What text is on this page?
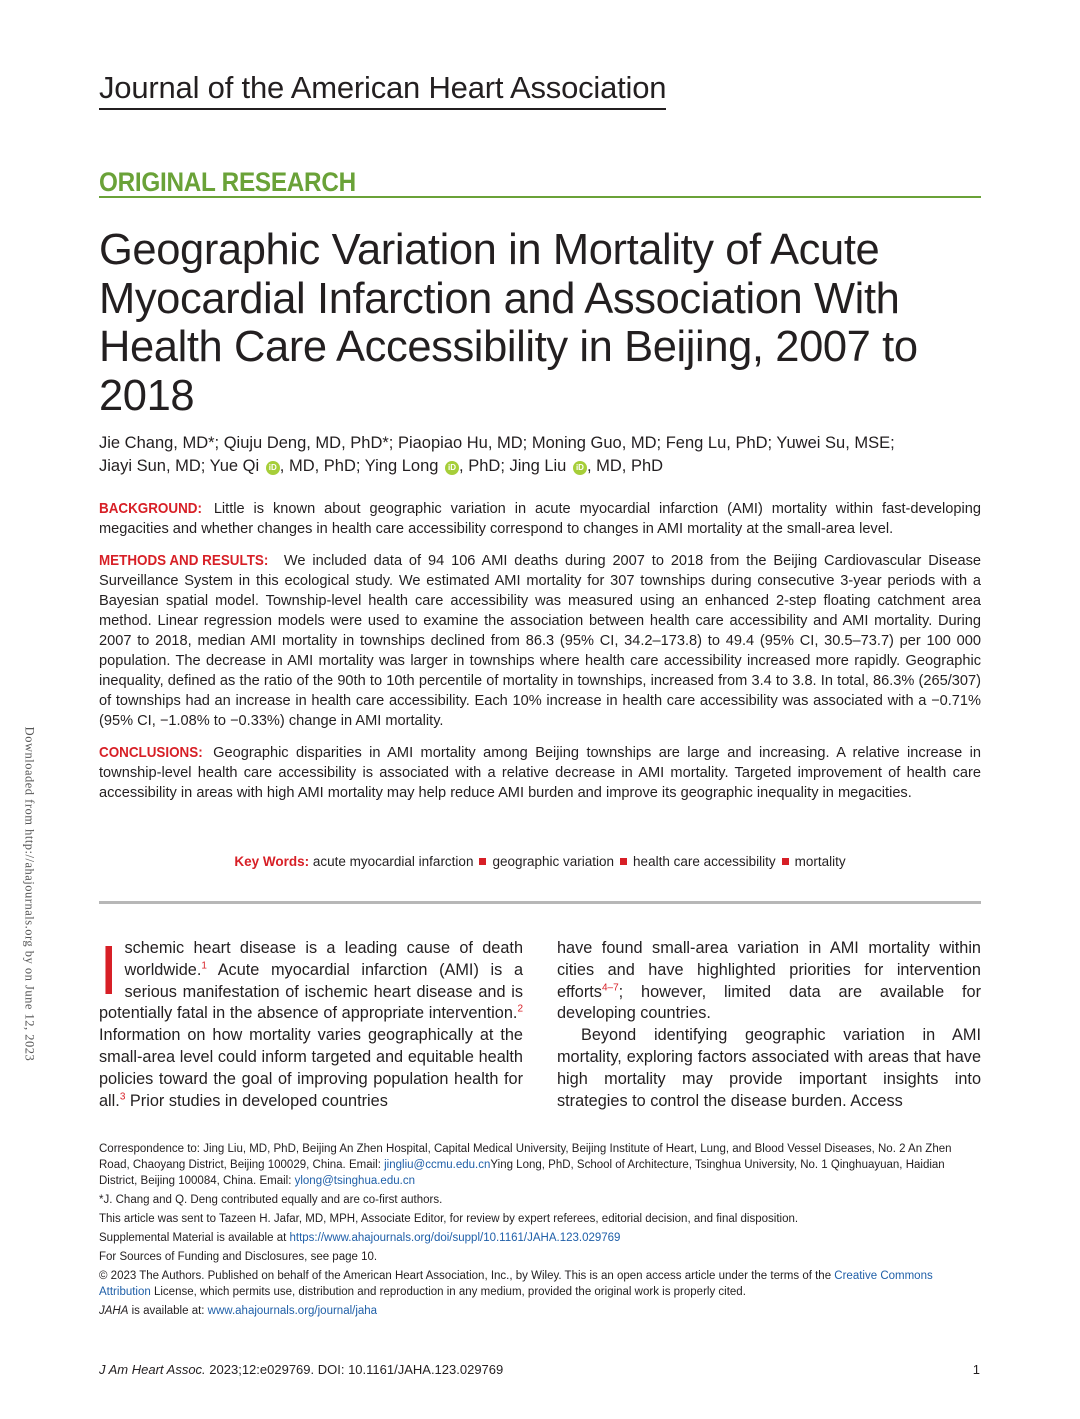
Journal of the American Heart Association
ORIGINAL RESEARCH
Geographic Variation in Mortality of Acute Myocardial Infarction and Association With Health Care Accessibility in Beijing, 2007 to 2018
Jie Chang, MD*; Qiuju Deng, MD, PhD*; Piaopiao Hu, MD; Moning Guo, MD; Feng Lu, PhD; Yuwei Su, MSE;
Jiayi Sun, MD; Yue Qi iD , MD, PhD; Ying Long iD , PhD; Jing Liu iD , MD, PhD

BACKGROUND: Little is known about geographic variation in acute myocardial infarction (AMI) mortality within fast-developing megacities and whether changes in health care accessibility correspond to changes in AMI mortality at the small-area level.

METHODS AND RESULTS: We included data of 94 106 AMI deaths during 2007 to 2018 from the Beijing Cardiovascular Disease Surveillance System in this ecological study. We estimated AMI mortality for 307 townships during consecutive 3-year periods with a Bayesian spatial model. Township-level health care accessibility was measured using an enhanced 2-step floating catchment area method. Linear regression models were used to examine the association between health care accessibility and AMI mortality. During 2007 to 2018, median AMI mortality in townships declined from 86.3 (95% CI, 34.2–173.8) to 49.4 (95% CI, 30.5–73.7) per 100 000 population. The decrease in AMI mortality was larger in townships where health care accessibility increased more rapidly. Geographic inequality, defined as the ratio of the 90th to 10th percentile of mortality in townships, increased from 3.4 to 3.8. In total, 86.3% (265/307) of townships had an increase in health care accessibility. Each 10% increase in health care accessibility was associated with a −0.71% (95% CI, −1.08% to −0.33%) change in AMI mortality.

CONCLUSIONS: Geographic disparities in AMI mortality among Beijing townships are large and increasing. A relative increase in township-level health care accessibility is associated with a relative decrease in AMI mortality. Targeted improvement of health care accessibility in areas with high AMI mortality may help reduce AMI burden and improve its geographic inequality in megacities.

Key Words: acute myocardial infarction geographic variation health care accessibility mortality

Ischemic heart disease is a leading cause of death worldwide.$^1$ Acute myocardial infarction (AMI) is a serious manifestation of ischemic heart disease and is potentially fatal in the absence of appropriate intervention.$^2$ Information on how mortality varies geographically at the small-area level could inform targeted and equitable health policies toward the goal of improving population health for all.$^3$ Prior studies in developed countries

have found small-area variation in AMI mortality within cities and have highlighted priorities for intervention efforts$^{4-7}$; however, limited data are available for developing countries.

Beyond identifying geographic variation in AMI mortality, exploring factors associated with areas that have high mortality may provide important insights into strategies to control the disease burden. Access

Correspondence to: Jing Liu, MD, PhD, Beijing An Zhen Hospital, Capital Medical University, Beijing Institute of Heart, Lung, and Blood Vessel Diseases, No. 2 An Zhen Road, Chaoyang District, Beijing 100029, China. Email: jingliu@ccmu.edu.cnYing Long, PhD, School of Architecture, Tsinghua University, No. 1 Qinghuayuan, Haidian District, Beijing 100084, China. Email: ylong@tsinghua.edu.cn

*J. Chang and Q. Deng contributed equally and are co-first authors.

This article was sent to Tazeen H. Jafar, MD, MPH, Associate Editor, for review by expert referees, editorial decision, and final disposition.

Supplemental Material is available at https://www.ahajournals.org/doi/suppl/10.1161/JAHA.123.029769

For Sources of Funding and Disclosures, see page 10.

© 2023 The Authors. Published on behalf of the American Heart Association, Inc., by Wiley. This is an open access article under the terms of the Creative Commons Attribution License, which permits use, distribution and reproduction in any medium, provided the original work is properly cited.

JAHA is available at: www.ahajournals.org/journal/jaha

J Am Heart Assoc. 2023;12:e029769. DOI: 10.1161/JAHA.123.029769	1
Downloaded from http://ahajournals.org by on June 12, 2023
